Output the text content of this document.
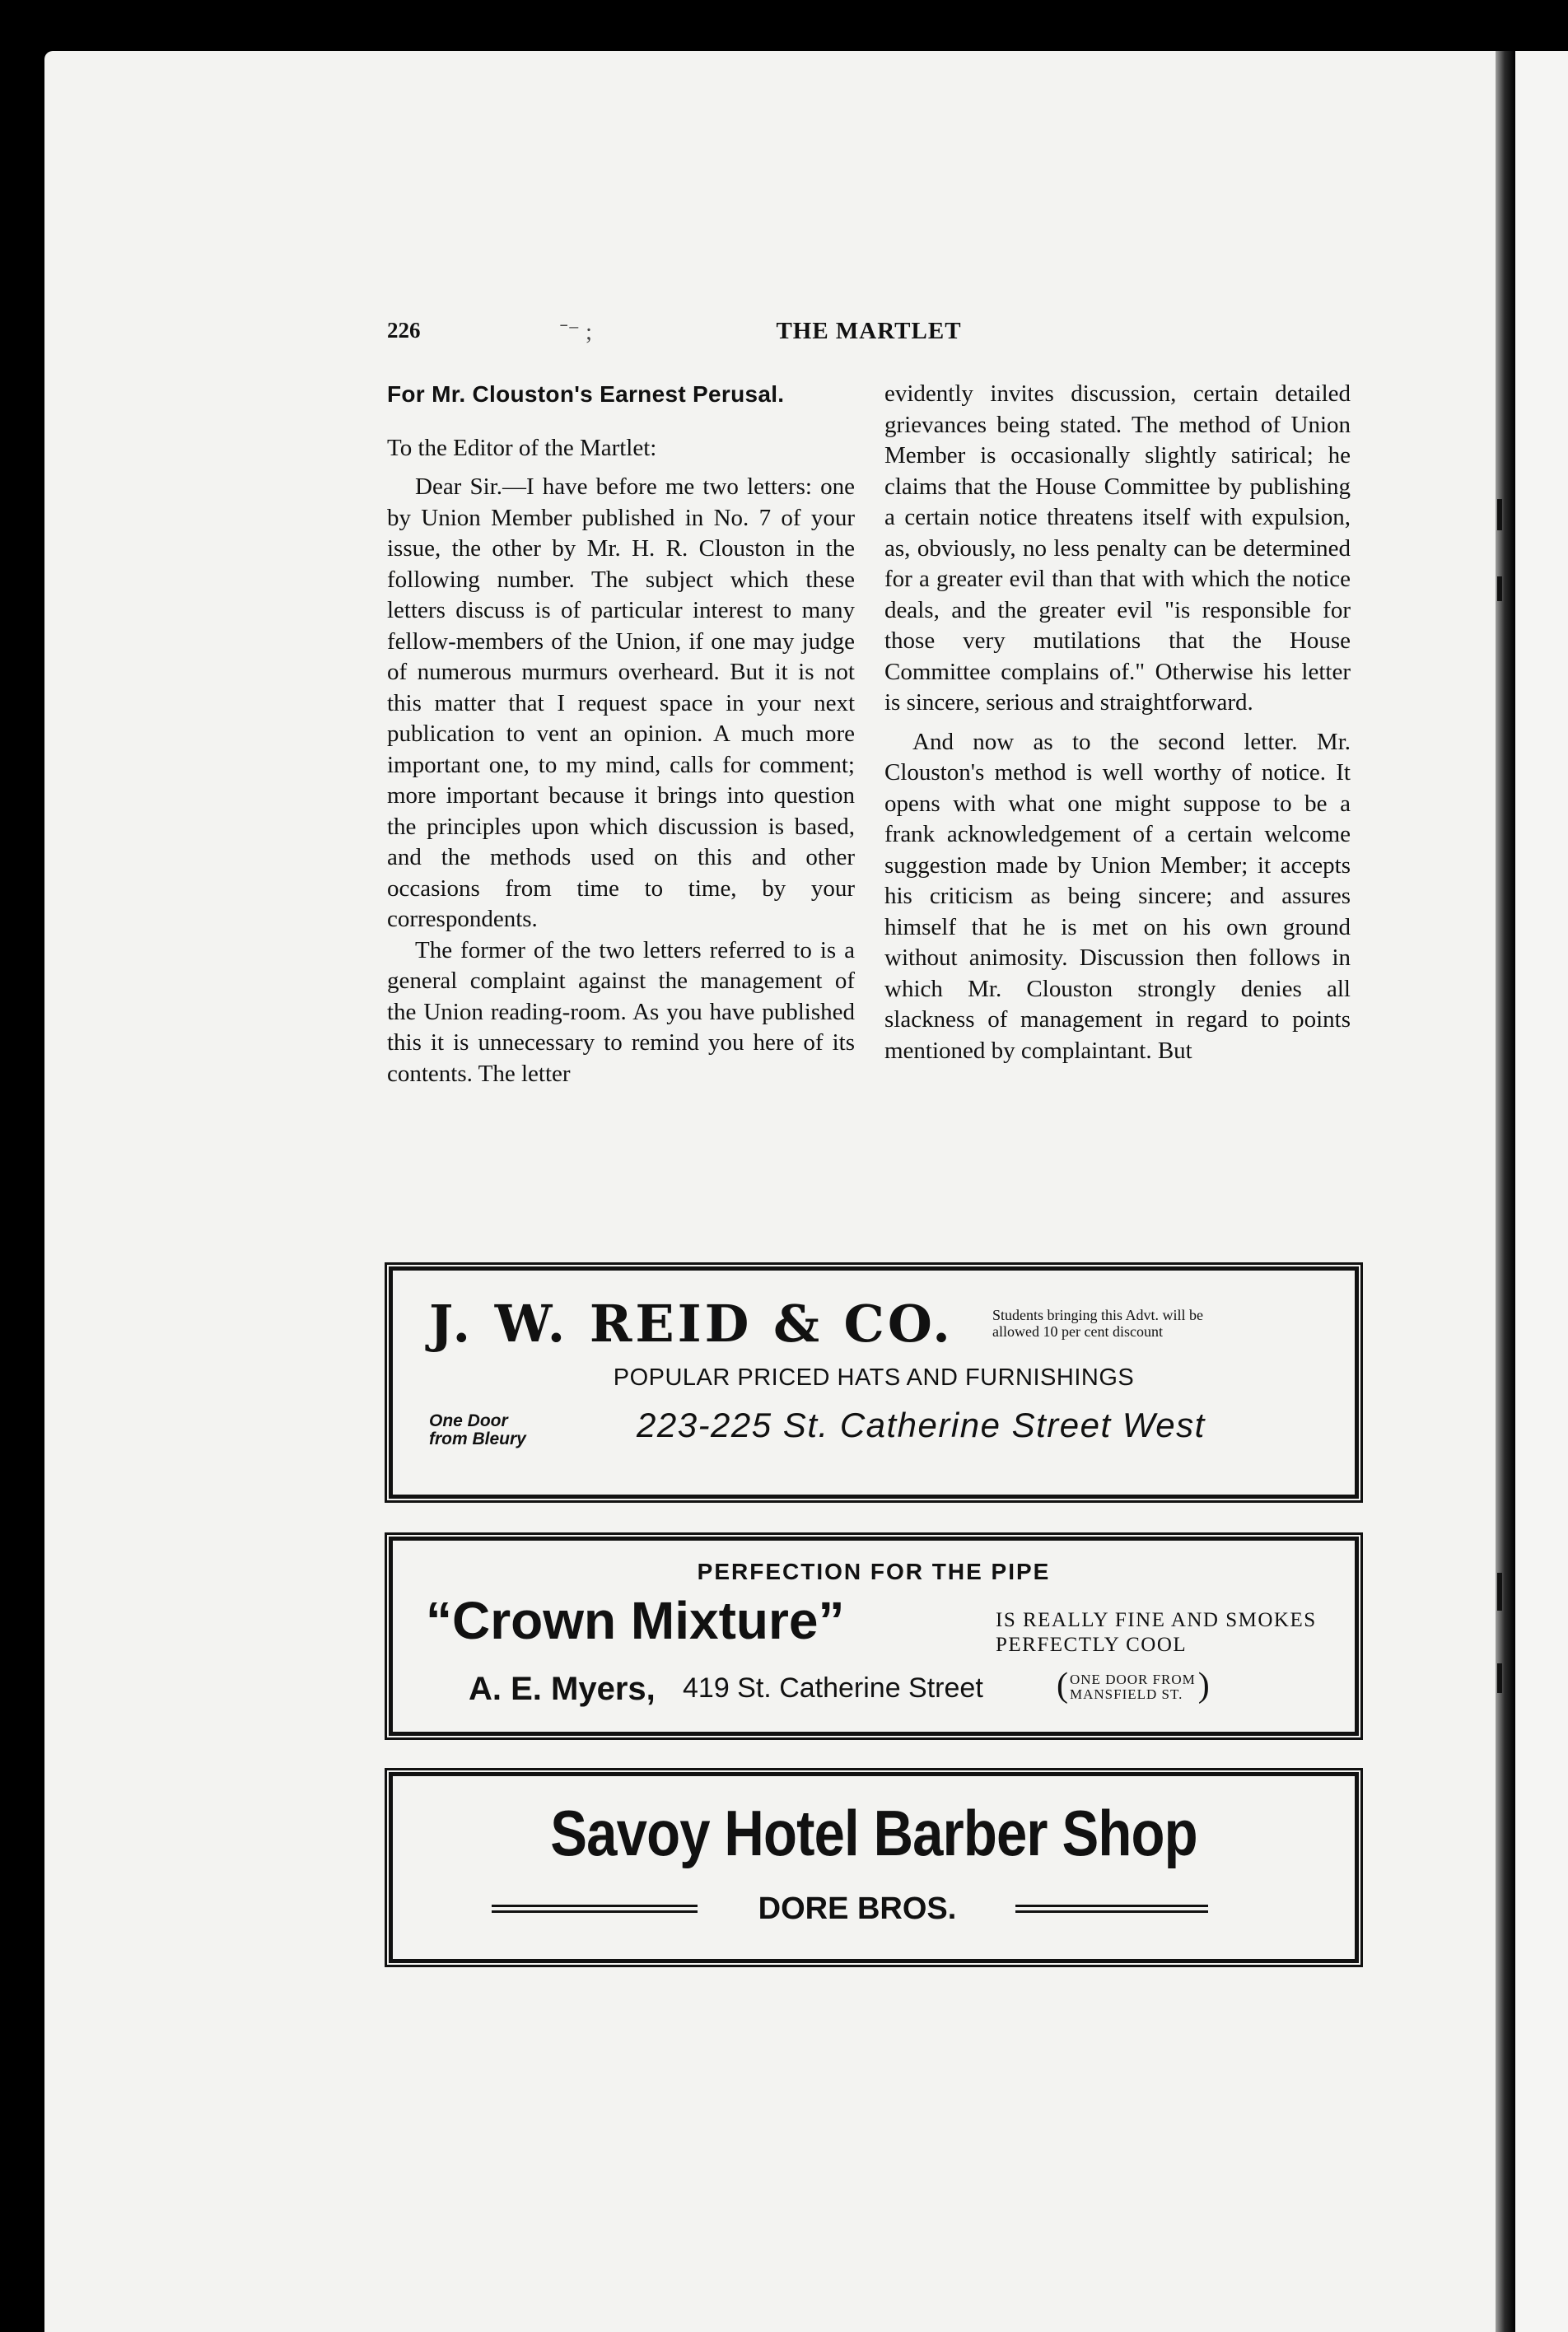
226	ˉ⁻ ;	THE MARTLET

For Mr. Clouston's Earnest Perusal.

To the Editor of the Martlet:

Dear Sir.—I have before me two letters: one by Union Member published in No. 7 of your issue, the other by Mr. H. R. Clouston in the following number. The subject which these letters discuss is of particular interest to many fellow-members of the Union, if one may judge of numerous murmurs overheard. But it is not this matter that I request space in your next publication to vent an opinion. A much more important one, to my mind, calls for comment; more important because it brings into question the principles upon which discussion is based, and the methods used on this and other occasions from time to time, by your correspondents.

The former of the two letters referred to is a general complaint against the management of the Union reading-room. As you have published this it is unnecessary to remind you here of its contents. The letter

evidently invites discussion, certain detailed grievances being stated. The method of Union Member is occasionally slightly satirical; he claims that the House Committee by publishing a certain notice threatens itself with expulsion, as, obviously, no less penalty can be determined for a greater evil than that with which the notice deals, and the greater evil "is responsible for those very mutilations that the House Committee complains of." Otherwise his letter is sincere, serious and straightforward.

And now as to the second letter. Mr. Clouston's method is well worthy of notice. It opens with what one might suppose to be a frank acknowledgement of a certain welcome suggestion made by Union Member; it accepts his criticism as being sincere; and assures himself that he is met on his own ground without animosity. Discussion then follows in which Mr. Clouston strongly denies all slackness of management in regard to points mentioned by complaintant. But

J. W. REID & CO.	Students bringing this Advt. will be
allowed 10 per cent discount
POPULAR PRICED HATS AND FURNISHINGS
One Door
from Bleury	223-225 St. Catherine Street West
PERFECTION FOR THE PIPE
“Crown Mixture”	IS REALLY FINE AND SMOKES
PERFECTLY COOL
A. E. Myers, 419 St. Catherine Street
(	ONE DOOR FROM
MANSFIELD ST. )
Savoy Hotel Barber Shop
DORE BROS.
